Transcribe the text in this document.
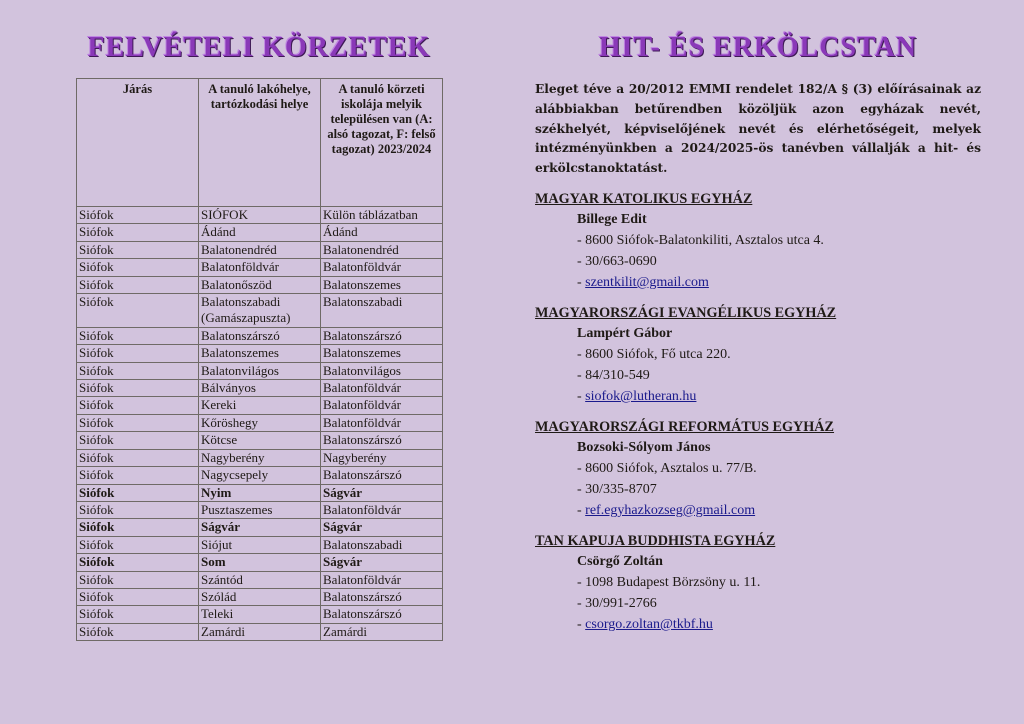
FELVÉTELI KÖRZETEK
Járás	A tanuló lakóhelye, tartózkodási helye	A tanuló körzeti iskolája melyik településen van (A: alsó tagozat, F: felső tagozat) 2023/2024
Siófok	SIÓFOK	Külön táblázatban
Siófok	Ádánd	Ádánd
Siófok	Balatonendréd	Balatonendréd
Siófok	Balatonföldvár	Balatonföldvár
Siófok	Balatonőszöd	Balatonszemes
Siófok	Balatonszabadi (Gamászapuszta)	Balatonszabadi
Siófok	Balatonszárszó	Balatonszárszó
Siófok	Balatonszemes	Balatonszemes
Siófok	Balatonvilágos	Balatonvilágos
Siófok	Bálványos	Balatonföldvár
Siófok	Kereki	Balatonföldvár
Siófok	Kőröshegy	Balatonföldvár
Siófok	Kötcse	Balatonszárszó
Siófok	Nagyberény	Nagyberény
Siófok	Nagycsepely	Balatonszárszó
Siófok	Nyim	Ságvár
Siófok	Pusztaszemes	Balatonföldvár
Siófok	Ságvár	Ságvár
Siófok	Siójut	Balatonszabadi
Siófok	Som	Ságvár
Siófok	Szántód	Balatonföldvár
Siófok	Szólád	Balatonszárszó
Siófok	Teleki	Balatonszárszó
Siófok	Zamárdi	Zamárdi
HIT- ÉS ERKÖLCSTAN

Eleget téve a 20/2012 EMMI rendelet 182/A § (3) előírásainak az alábbiakban betűrendben közöljük azon egyházak nevét, székhelyét, képviselőjének nevét és elérhetőségeit, melyek intézményünkben a 2024/2025-ös tanévben vállalják a hit- és erkölcstanoktatást.

MAGYAR KATOLIKUS EGYHÁZ
Billege Edit
- 8600 Siófok-Balatonkiliti, Asztalos utca 4.
- 30/663-0690
- szentkilit@gmail.com
MAGYARORSZÁGI EVANGÉLIKUS EGYHÁZ
Lampért Gábor
- 8600 Siófok, Fő utca 220.
- 84/310-549
- siofok@lutheran.hu
MAGYARORSZÁGI REFORMÁTUS EGYHÁZ
Bozsoki-Sólyom János
- 8600 Siófok, Asztalos u. 77/B.
- 30/335-8707
- ref.egyhazkozseg@gmail.com
TAN KAPUJA BUDDHISTA EGYHÁZ
Csörgő Zoltán
- 1098 Budapest Börzsöny u. 11.
- 30/991-2766
- csorgo.zoltan@tkbf.hu
